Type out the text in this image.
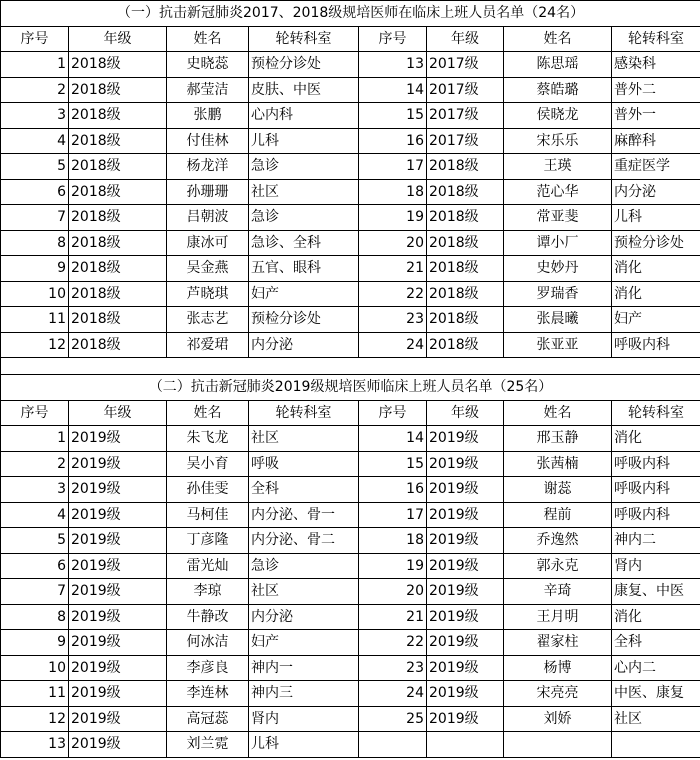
（一）抗击新冠肺炎2017、2018级规培医师在临床上班人员名单（24名）							
序号	年级	姓名	轮转科室	序号	年级	姓名	轮转科室
1	2018级	史晓蕊	预检分诊处	13	2017级	陈思瑶	感染科
2	2018级	郝莹洁	皮肤、中医	14	2017级	蔡皓璐	普外二
3	2018级	张鹏	心内科	15	2017级	侯晓龙	普外一
4	2018级	付佳林	儿科	16	2017级	宋乐乐	麻醉科
5	2018级	杨龙洋	急诊	17	2018级	王瑛	重症医学
6	2018级	孙珊珊	社区	18	2018级	范心华	内分泌
7	2018级	吕朝波	急诊	19	2018级	常亚斐	儿科
8	2018级	康冰可	急诊、全科	20	2018级	谭小厂	预检分诊处
9	2018级	吴金燕	五官、眼科	21	2018级	史妙丹	消化
10	2018级	芦晓琪	妇产	22	2018级	罗瑞香	消化
11	2018级	张志艺	预检分诊处	23	2018级	张晨曦	妇产
12	2018级	祁爱珺	内分泌	24	2018级	张亚亚	呼吸内科

（二）抗击新冠肺炎2019级规培医师临床上班人员名单（25名）							
序号	年级	姓名	轮转科室	序号	年级	姓名	轮转科室
1	2019级	朱飞龙	社区	14	2019级	邢玉静	消化
2	2019级	吴小育	呼吸	15	2019级	张茜楠	呼吸内科
3	2019级	孙佳雯	全科	16	2019级	谢蕊	呼吸内科
4	2019级	马柯佳	内分泌、骨一	17	2019级	程前	呼吸内科
5	2019级	丁彦隆	内分泌、骨二	18	2019级	乔逸然	神内二
6	2019级	雷光灿	急诊	19	2019级	郭永克	肾内
7	2019级	李琼	社区	20	2019级	辛琦	康复、中医
8	2019级	牛静改	内分泌	21	2019级	王月明	消化
9	2019级	何冰洁	妇产	22	2019级	翟家柱	全科
10	2019级	李彦良	神内一	23	2019级	杨博	心内二
11	2019级	李连林	神内三	24	2019级	宋亮亮	中医、康复
12	2019级	高冠蕊	肾内	25	2019级	刘娇	社区
13	2019级	刘兰霓	儿科				
